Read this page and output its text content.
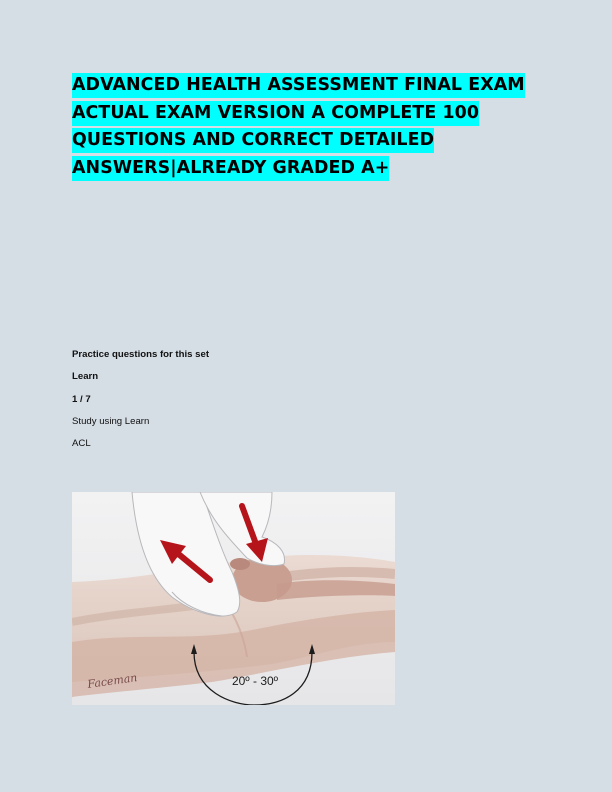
ADVANCED HEALTH ASSESSMENT FINAL EXAM ACTUAL EXAM VERSION A COMPLETE 100 QUESTIONS AND CORRECT DETAILED ANSWERS|ALREADY GRADED A+

Practice questions for this set

Learn

1 / 7

Study using Learn

ACL

20º - 30º
Faceman
